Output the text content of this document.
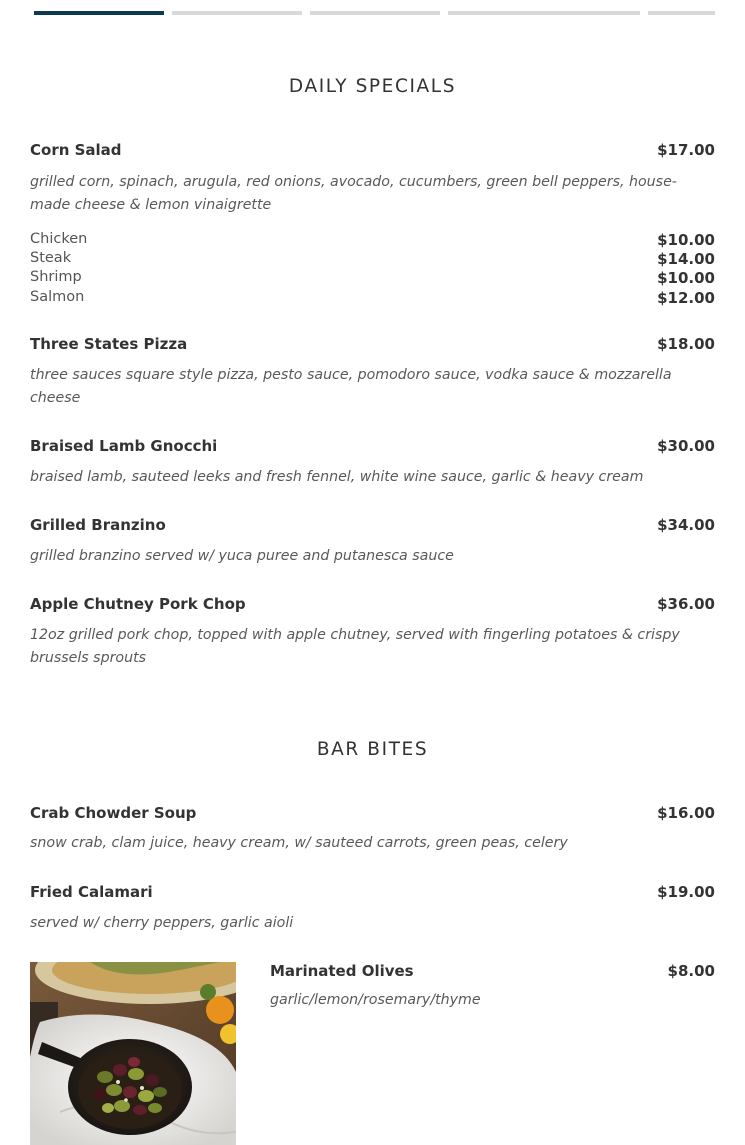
DAILY SPECIALS
Corn Salad	$17.00

grilled corn, spinach, arugula, red onions, avocado, cucumbers, green bell peppers, house-made cheese & lemon vinaigrette

Chicken	$10.00
Steak	$14.00
Shrimp	$10.00
Salmon	$12.00
Three States Pizza	$18.00

three sauces square style pizza, pesto sauce, pomodoro sauce, vodka sauce & mozzarella cheese

Braised Lamb Gnocchi	$30.00

braised lamb, sauteed leeks and fresh fennel, white wine sauce, garlic & heavy cream

Grilled Branzino	$34.00

grilled branzino served w/ yuca puree and putanesca sauce

Apple Chutney Pork Chop	$36.00

12oz grilled pork chop, topped with apple chutney, served with fingerling potatoes & crispy brussels sprouts

BAR BITES
Crab Chowder Soup	$16.00

snow crab, clam juice, heavy cream, w/ sauteed carrots, green peas, celery

Fried Calamari	$19.00

served w/ cherry peppers, garlic aioli

Marinated Olives	$8.00

garlic/lemon/rosemary/thyme
